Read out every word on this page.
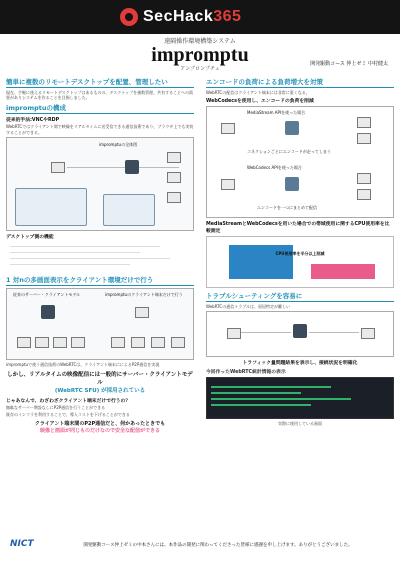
SecHack365
遠隔操作環境構築システム
impromptu
アンプロンプチュ
開発駆動コース 仲上ゼミ 中村健太
簡単に複数のリモートデスクトップを配置、管理したい

現在、手軽に使えるリモートデスクトップはあるものの、デスクトップを複数管理、共有することへの需要がありシステムを作ることを目指しました。

impromptuの構成
従来的手法:VNCやRDP

WebRTCではクライアント間で映像をリアルタイムに送受信できる通信技術であり、ブラウザ上でも実装することができる。

impromptuの全体図
デスクトップ側の機能
1 対nの多画面表示をクライアント環境だけで行う
従来のサーバー・クライアントモデル	impromptuのクライアント端末だけで行う

impromptuで使う通信技術のWebRTCは、クライアント端末にによるP2P通信を実現

しかし、リアルタイムの映像配信には一般的にサーバー・クライアントモデル
(WebRTC SFU) が採用されている
じゃあなんで、わざわざクライアント端末だけで行うの？

無駄なサーバー増設なしにP2P通信を行うことができる

既存のインフラを利用することで、導入コストを下げることができる

クライアント端末間のP2P通信だと、何かあったときでも
映像と画面が同じものだけなので安全な配信ができる
エンコードの負荷による負荷増大を対策

WebRTCの配信はクライアント端末には非常に重くなる。

WebCodecsを使用し、エンコードの負荷を削減
MediaStream APIを使った場合
コネクションごとにエンコードが走ってしまう
WebCodecs APIを使った場合
エンコードを一つにまとめて配信
MediaStreamとWebCodecsを用いた場合での帯域使用に関するCPU使用率を比較測定
CPU使用率を半分以上削減
トラブルシューティングを容易に

WebRTCの通信トラブルは、原因特定が難しい

トラフィック量問題結果を表示し、接続状況を明確化
今回作ったWebRTC統計情報の表示
実際に使用している画面
NICT	開発駆動コース仲上ゼミの中本さんには、本作品の開発に関わってくださった皆様に感謝を申し上げます。ありがとうございました。
